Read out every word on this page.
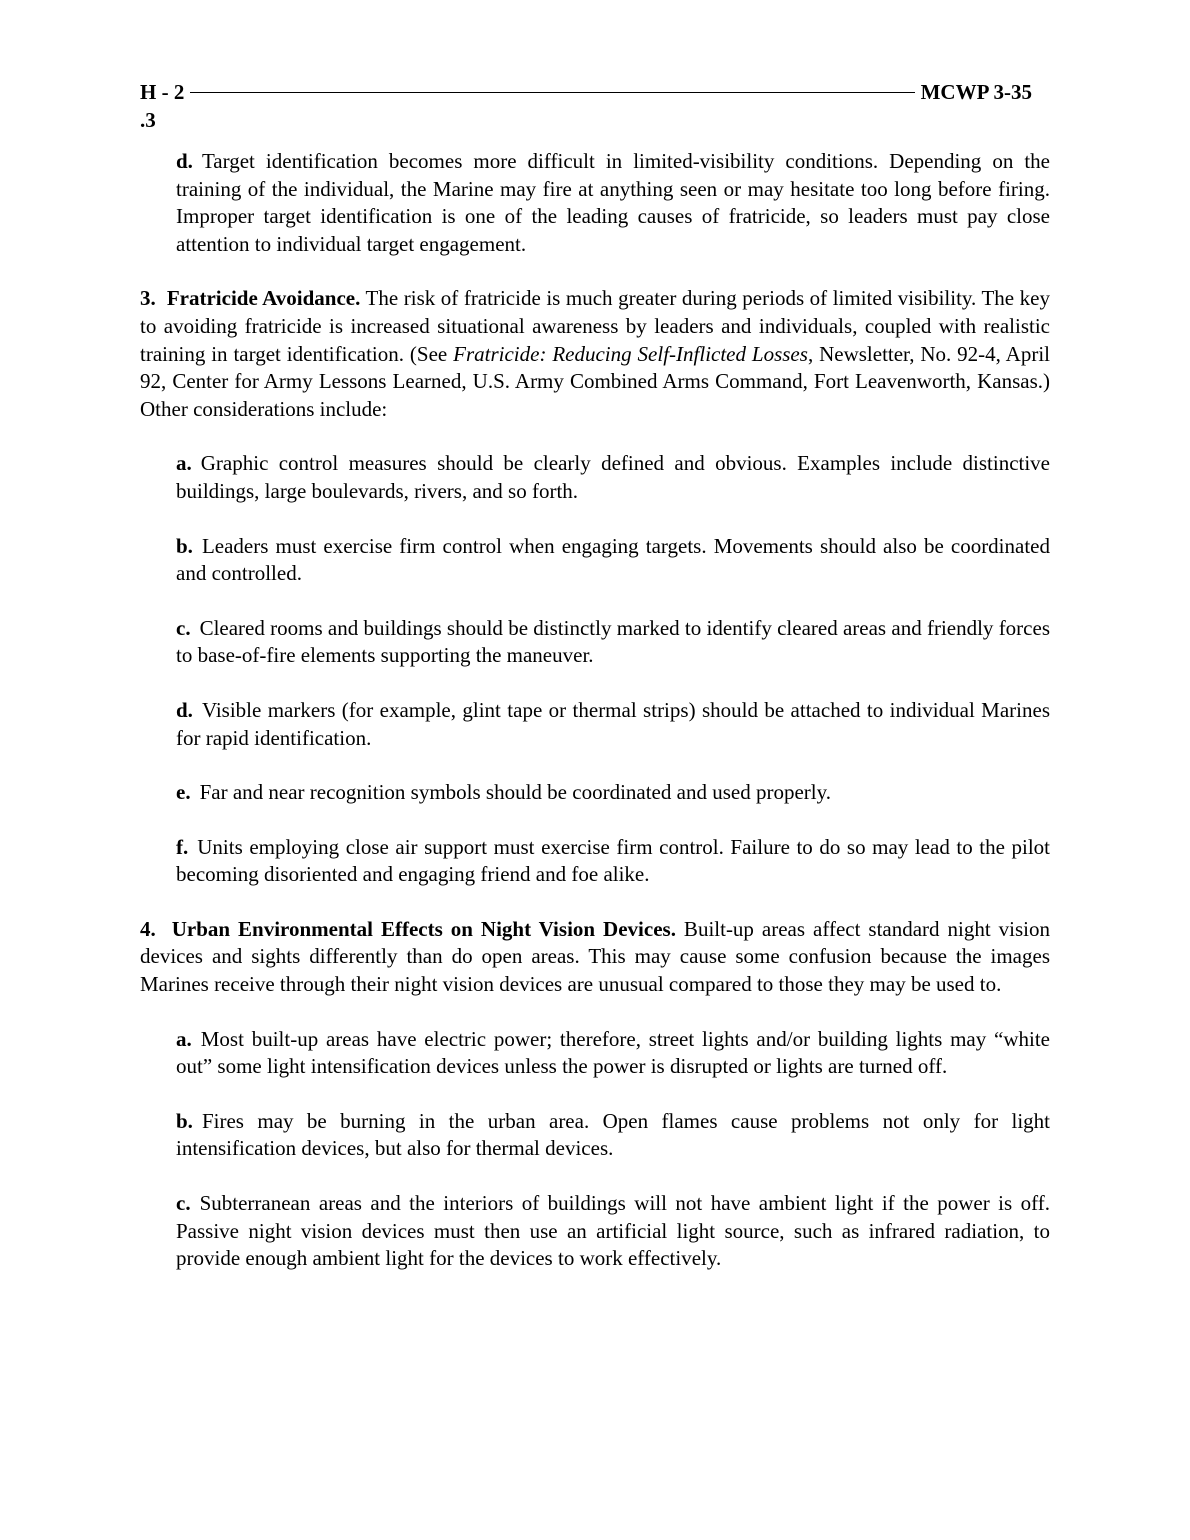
H - 2	MCWP 3-35
.3

d. Target identification becomes more difficult in limited-visibility conditions. Depending on the training of the individual, the Marine may fire at anything seen or may hesitate too long before firing. Improper target identification is one of the leading causes of fratricide, so leaders must pay close attention to individual target engagement.

3.  Fratricide Avoidance. The risk of fratricide is much greater during periods of limited visibility. The key to avoiding fratricide is increased situational awareness by leaders and individuals, coupled with realistic training in target identification. (See Fratricide: Reducing Self-Inflicted Losses, Newsletter, No. 92-4, April 92, Center for Army Lessons Learned, U.S. Army Combined Arms Command, Fort Leavenworth, Kansas.) Other considerations include:

a. Graphic control measures should be clearly defined and obvious. Examples include distinctive buildings, large boulevards, rivers, and so forth.

b. Leaders must exercise firm control when engaging targets. Movements should also be coordinated and controlled.

c. Cleared rooms and buildings should be distinctly marked to identify cleared areas and friendly forces to base-of-fire elements supporting the maneuver.

d. Visible markers (for example, glint tape or thermal strips) should be attached to individual Marines for rapid identification.

e. Far and near recognition symbols should be coordinated and used properly.

f. Units employing close air support must exercise firm control. Failure to do so may lead to the pilot becoming disoriented and engaging friend and foe alike.

4.  Urban Environmental Effects on Night Vision Devices. Built-up areas affect standard night vision devices and sights differently than do open areas. This may cause some confusion because the images Marines receive through their night vision devices are unusual compared to those they may be used to.

a. Most built-up areas have electric power; therefore, street lights and/or building lights may “white out” some light intensification devices unless the power is disrupted or lights are turned off.

b. Fires may be burning in the urban area. Open flames cause problems not only for light intensification devices, but also for thermal devices.

c. Subterranean areas and the interiors of buildings will not have ambient light if the power is off. Passive night vision devices must then use an artificial light source, such as infrared radiation, to provide enough ambient light for the devices to work effectively.
